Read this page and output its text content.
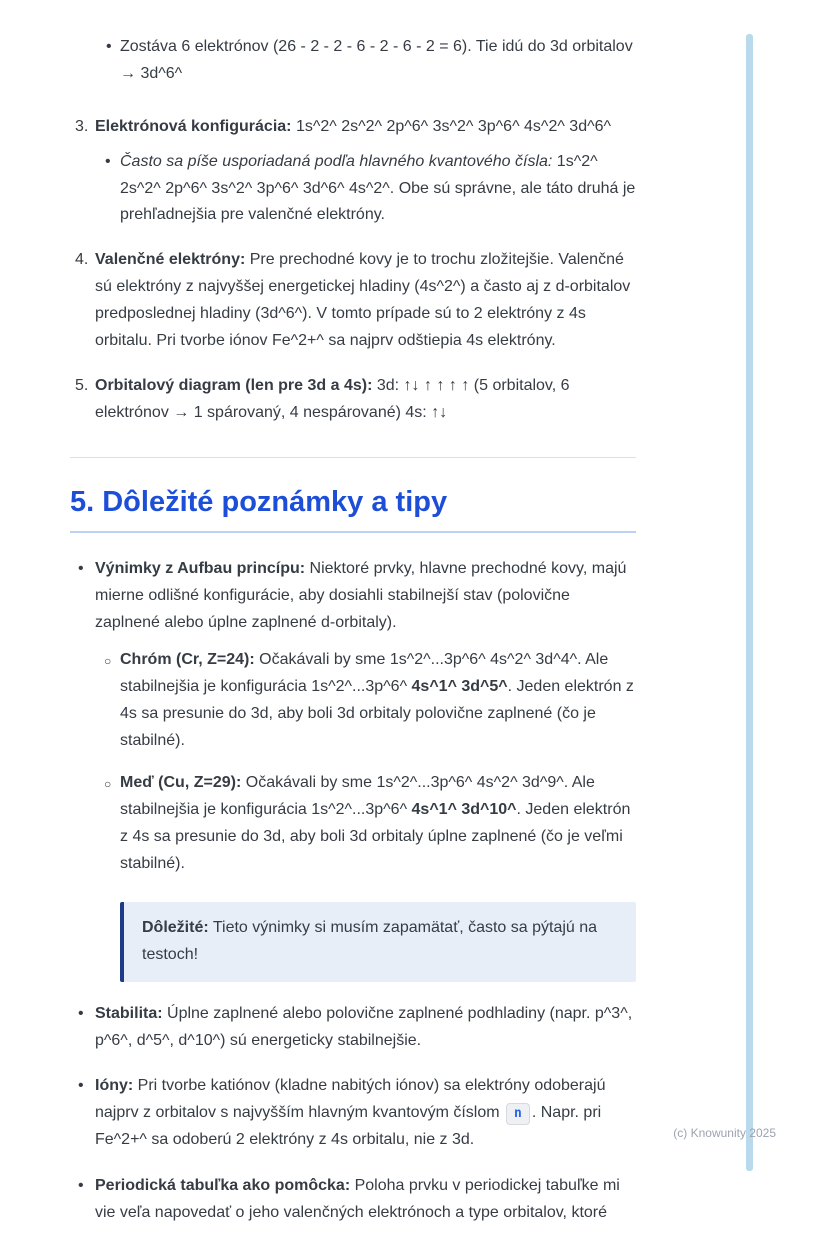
• Zostáva 6 elektrónov (26 - 2 - 2 - 6 - 2 - 6 - 2 = 6). Tie idú do 3d orbitalov → 3d^6^
3. Elektrónová konfigurácia: 1s^2^ 2s^2^ 2p^6^ 3s^2^ 3p^6^ 4s^2^ 3d^6^

• Často sa píše usporiadaná podľa hlavného kvantového čísla: 1s^2^ 2s^2^ 2p^6^ 3s^2^ 3p^6^ 3d^6^ 4s^2^. Obe sú správne, ale táto druhá je prehľadnejšia pre valenčné elektróny.
4. Valenčné elektróny: Pre prechodné kovy je to trochu zložitejšie. Valenčné sú elektróny z najvyššej energetickej hladiny (4s^2^) a často aj z d-orbitalov predposlednej hladiny (3d^6^). V tomto prípade sú to 2 elektróny z 4s orbitalu. Pri tvorbe iónov Fe^2+^ sa najprv odštiepia 4s elektróny.

5. Orbitalový diagram (len pre 3d a 4s): 3d: ↑↓ ↑ ↑ ↑ ↑ (5 orbitalov, 6 elektrónov → 1 spárovaný, 4 nespárované) 4s: ↑↓

5. Dôležité poznámky a tipy

• Výnimky z Aufbau princípu: Niektoré prvky, hlavne prechodné kovy, majú mierne odlišné konfigurácie, aby dosiahli stabilnejší stav (polovične zaplnené alebo úplne zaplnené d-orbitaly).

○ Chróm (Cr, Z=24): Očakávali by sme 1s^2^...3p^6^ 4s^2^ 3d^4^. Ale stabilnejšia je konfigurácia 1s^2^...3p^6^ 4s^1^ 3d^5^. Jeden elektrón z 4s sa presunie do 3d, aby boli 3d orbitaly polovične zaplnené (čo je stabilné).

○ Meď (Cu, Z=29): Očakávali by sme 1s^2^...3p^6^ 4s^2^ 3d^9^. Ale stabilnejšia je konfigurácia 1s^2^...3p^6^ 4s^1^ 3d^10^. Jeden elektrón z 4s sa presunie do 3d, aby boli 3d orbitaly úplne zaplnené (čo je veľmi stabilné).

Dôležité: Tieto výnimky si musím zapamätať, často sa pýtajú na testoch!

• Stabilita: Úplne zaplnené alebo polovične zaplnené podhladiny (napr. p^3^, p^6^, d^5^, d^10^) sú energeticky stabilnejšie.

• Ióny: Pri tvorbe katiónov (kladne nabitých iónov) sa elektróny odoberajú najprv z orbitalov s najvyšším hlavným kvantovým číslom n . Napr. pri Fe^2+^ sa odoberú 2 elektróny z 4s orbitalu, nie z 3d.

• Periodická tabuľka ako pomôcka: Poloha prvku v periodickej tabuľke mi vie veľa napovedať o jeho valenčných elektrónoch a type orbitalov, ktoré

(c) Knowunity 2025
